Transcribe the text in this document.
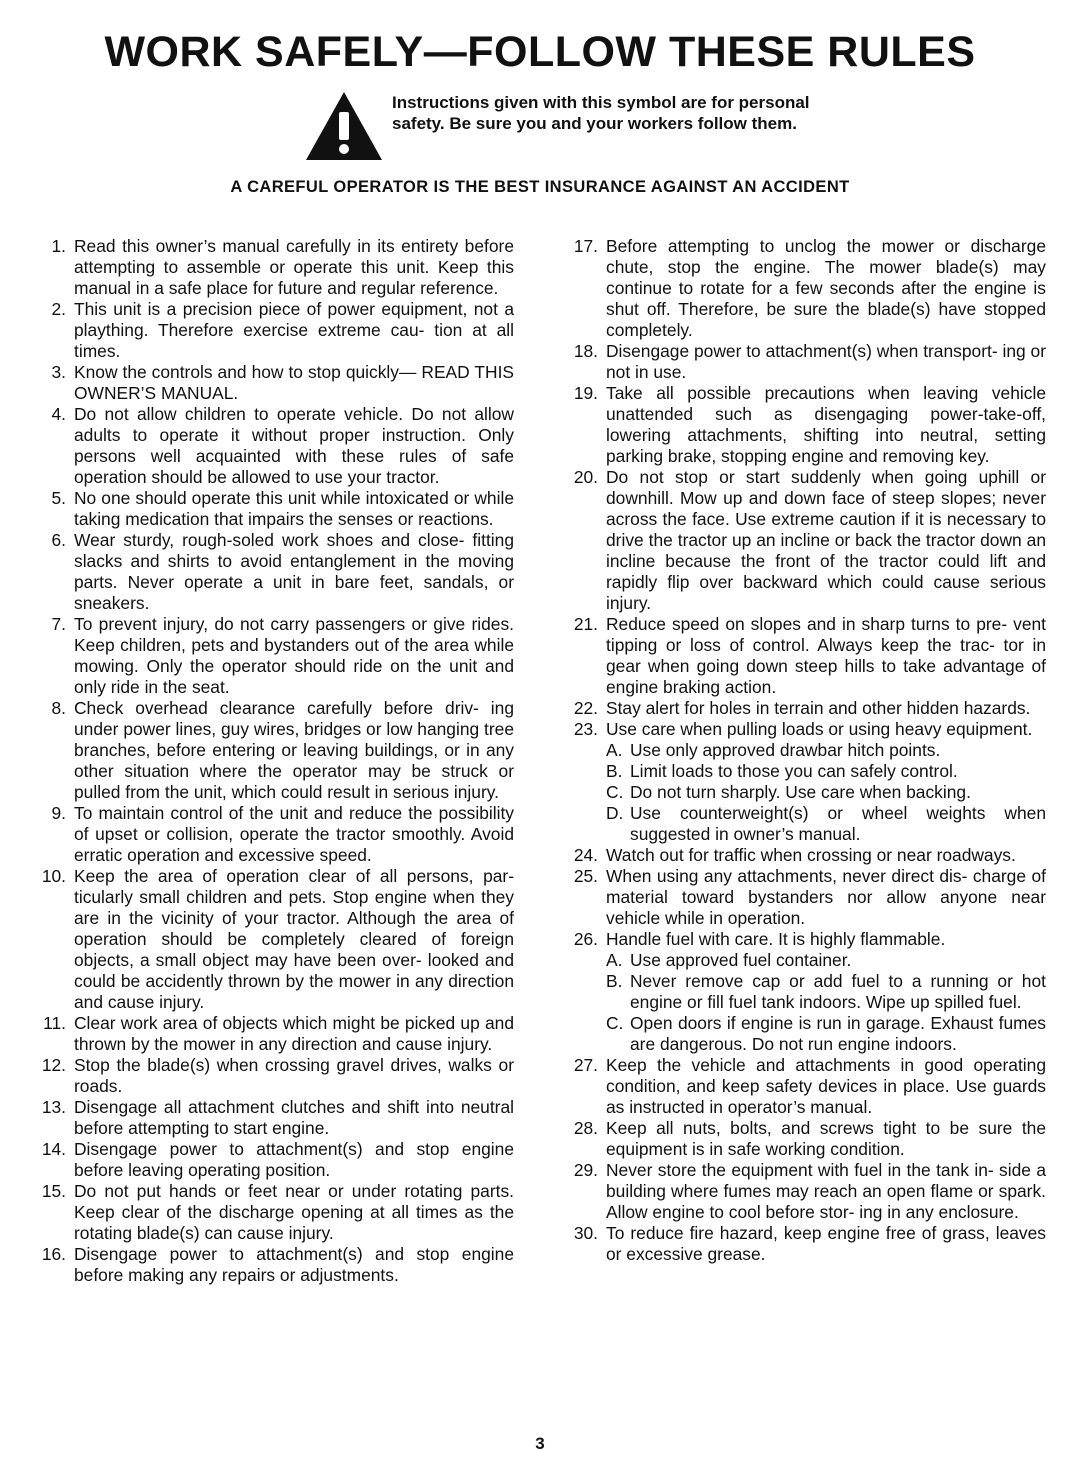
WORK SAFELY—FOLLOW THESE RULES
Instructions given with this symbol are for personal safety. Be sure you and your workers follow them.
A CAREFUL OPERATOR IS THE BEST INSURANCE AGAINST AN ACCIDENT
1. Read this owner’s manual carefully in its entirety before attempting to assemble or operate this unit. Keep this manual in a safe place for future and regular reference.
2. This unit is a precision piece of power equipment, not a plaything. Therefore exercise extreme cau- tion at all times.
3. Know the controls and how to stop quickly— READ THIS OWNER’S MANUAL.
4. Do not allow children to operate vehicle. Do not allow adults to operate it without proper instruction. Only persons well acquainted with these rules of safe operation should be allowed to use your tractor.
5. No one should operate this unit while intoxicated or while taking medication that impairs the senses or reactions.
6. Wear sturdy, rough-soled work shoes and close- fitting slacks and shirts to avoid entanglement in the moving parts. Never operate a unit in bare feet, sandals, or sneakers.
7. To prevent injury, do not carry passengers or give rides. Keep children, pets and bystanders out of the area while mowing. Only the operator should ride on the unit and only ride in the seat.
8. Check overhead clearance carefully before driv- ing under power lines, guy wires, bridges or low hanging tree branches, before entering or leaving buildings, or in any other situation where the operator may be struck or pulled from the unit, which could result in serious injury.
9. To maintain control of the unit and reduce the possibility of upset or collision, operate the tractor smoothly. Avoid erratic operation and excessive speed.
10. Keep the area of operation clear of all persons, par- ticularly small children and pets. Stop engine when they are in the vicinity of your tractor. Although the area of operation should be completely cleared of foreign objects, a small object may have been over- looked and could be accidently thrown by the mower in any direction and cause injury.
11. Clear work area of objects which might be picked up and thrown by the mower in any direction and cause injury.
12. Stop the blade(s) when crossing gravel drives, walks or roads.
13. Disengage all attachment clutches and shift into neutral before attempting to start engine.
14. Disengage power to attachment(s) and stop engine before leaving operating position.
15. Do not put hands or feet near or under rotating parts. Keep clear of the discharge opening at all times as the rotating blade(s) can cause injury.
16. Disengage power to attachment(s) and stop engine before making any repairs or adjustments.
17. Before attempting to unclog the mower or discharge chute, stop the engine. The mower blade(s) may continue to rotate for a few seconds after the engine is shut off. Therefore, be sure the blade(s) have stopped completely.
18. Disengage power to attachment(s) when transport- ing or not in use.
19. Take all possible precautions when leaving vehicle unattended such as disengaging power-take-off, lowering attachments, shifting into neutral, setting parking brake, stopping engine and removing key.
20. Do not stop or start suddenly when going uphill or downhill. Mow up and down face of steep slopes; never across the face. Use extreme caution if it is necessary to drive the tractor up an incline or back the tractor down an incline because the front of the tractor could lift and rapidly flip over backward which could cause serious injury.
21. Reduce speed on slopes and in sharp turns to pre- vent tipping or loss of control. Always keep the trac- tor in gear when going down steep hills to take advantage of engine braking action.
22. Stay alert for holes in terrain and other hidden hazards.
23. Use care when pulling loads or using heavy equipment.
A. Use only approved drawbar hitch points.
B. Limit loads to those you can safely control.
C. Do not turn sharply. Use care when backing.
D. Use counterweight(s) or wheel weights when suggested in owner’s manual.
24. Watch out for traffic when crossing or near roadways.
25. When using any attachments, never direct dis- charge of material toward bystanders nor allow anyone near vehicle while in operation.
26. Handle fuel with care. It is highly flammable.
A. Use approved fuel container.
B. Never remove cap or add fuel to a running or hot engine or fill fuel tank indoors. Wipe up spilled fuel.
C. Open doors if engine is run in garage. Exhaust fumes are dangerous. Do not run engine indoors.
27. Keep the vehicle and attachments in good operating condition, and keep safety devices in place. Use guards as instructed in operator’s manual.
28. Keep all nuts, bolts, and screws tight to be sure the equipment is in safe working condition.
29. Never store the equipment with fuel in the tank in- side a building where fumes may reach an open flame or spark. Allow engine to cool before stor- ing in any enclosure.
30. To reduce fire hazard, keep engine free of grass, leaves or excessive grease.
3
